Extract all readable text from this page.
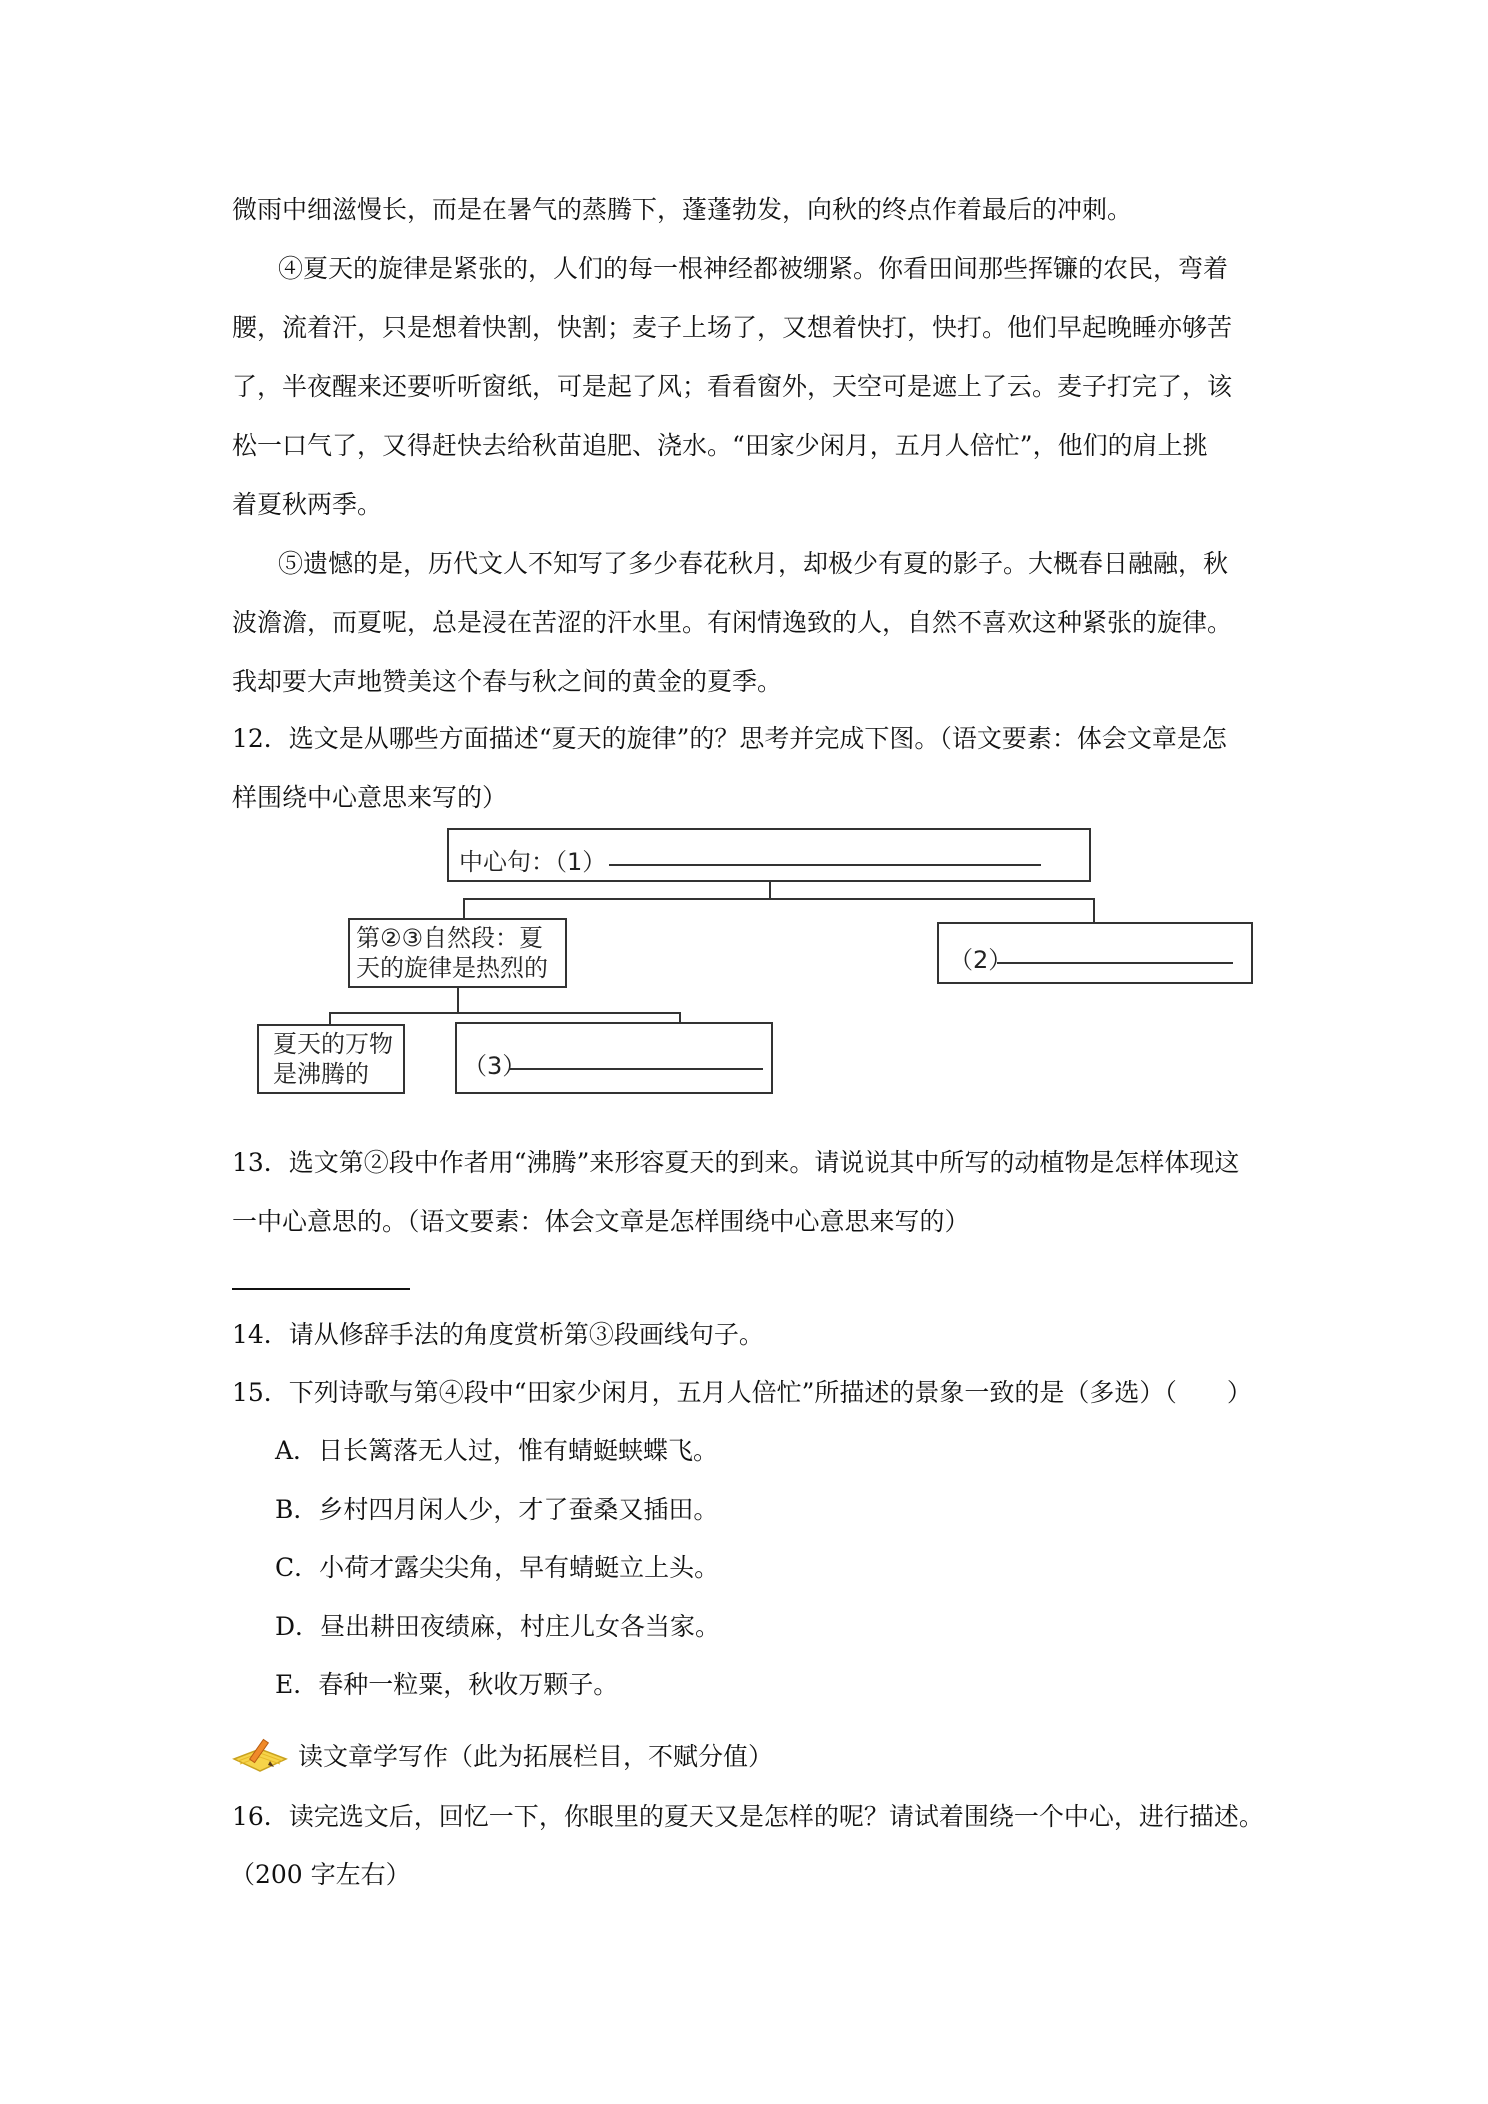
微雨中细滋慢长，而是在暑气的蒸腾下，蓬蓬勃发，向秋的终点作着最后的冲刺。
④夏天的旋律是紧张的，人们的每一根神经都被绷紧。你看田间那些挥镰的农民，弯着
腰，流着汗，只是想着快割，快割；麦子上场了，又想着快打，快打。他们早起晚睡亦够苦
了，半夜醒来还要听听窗纸，可是起了风；看看窗外，天空可是遮上了云。麦子打完了，该
松一口气了，又得赶快去给秋苗追肥、浇水。“田家少闲月，五月人倍忙”，他们的肩上挑
着夏秋两季。
⑤遗憾的是，历代文人不知写了多少春花秋月，却极少有夏的影子。大概春日融融，秋
波澹澹，而夏呢，总是浸在苦涩的汗水里。有闲情逸致的人，自然不喜欢这种紧张的旋律。
我却要大声地赞美这个春与秋之间的黄金的夏季。
12．选文是从哪些方面描述“夏天的旋律”的？思考并完成下图。（语文要素：体会文章是怎
样围绕中心意思来写的）
中心句：（1）
第②③自然段：夏
天的旋律是热烈的	（2）
夏天的万物
是沸腾的	（3）
13．选文第②段中作者用“沸腾”来形容夏天的到来。请说说其中所写的动植物是怎样体现这
一中心意思的。（语文要素：体会文章是怎样围绕中心意思来写的）
14．请从修辞手法的角度赏析第③段画线句子。
15．下列诗歌与第④段中“田家少闲月，五月人倍忙”所描述的景象一致的是（多选）（　　）
A．日长篱落无人过，惟有蜻蜓蛱蝶飞。
B．乡村四月闲人少，才了蚕桑又插田。
C．小荷才露尖尖角，早有蜻蜓立上头。
D．昼出耕田夜绩麻，村庄儿女各当家。
E．春种一粒粟，秋收万颗子。
读文章学写作（此为拓展栏目，不赋分值）
16．读完选文后，回忆一下，你眼里的夏天又是怎样的呢？请试着围绕一个中心，进行描述。
（200 字左右）
